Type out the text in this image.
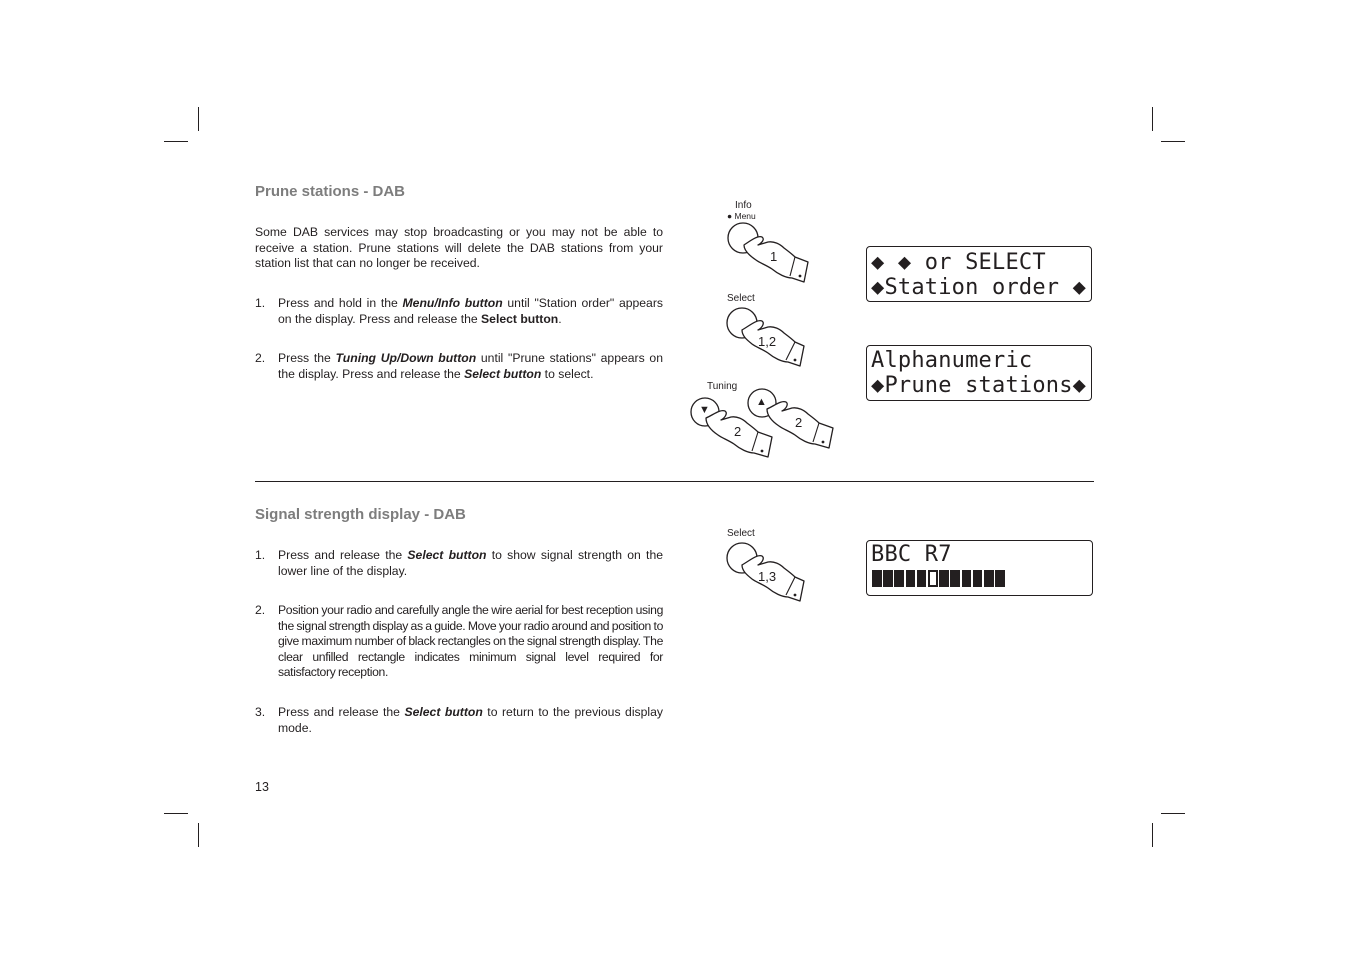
Prune stations - DAB

Some DAB services may stop broadcasting or you may not be able to receive a station. Prune stations will delete the DAB stations from your station list that can no longer be received.

1.	Press and hold in the Menu/Info button until "Station order" appears on the display. Press and release the Select button.
2.	Press the Tuning Up/Down button until "Prune stations" appears on the display. Press and release the Select button to select.
Info
● Menu
1
Select
1,2
Tuning
▼
2
▲
2
◆ ◆ or SELECT
◆Station order ◆
Alphanumeric
◆Prune stations◆
Signal strength display - DAB
1.	Press and release the Select button to show signal strength on the lower line of the display.
2.	Position your radio and carefully angle the wire aerial for best reception using the signal strength display as a guide. Move your radio around and position to give maximum number of black rectangles on the signal strength display. The clear unfilled rectangle indicates minimum signal level required for satisfactory reception.
3.	Press and release the Select button to return to the previous display mode.
Select
1,3
BBC R7
13
